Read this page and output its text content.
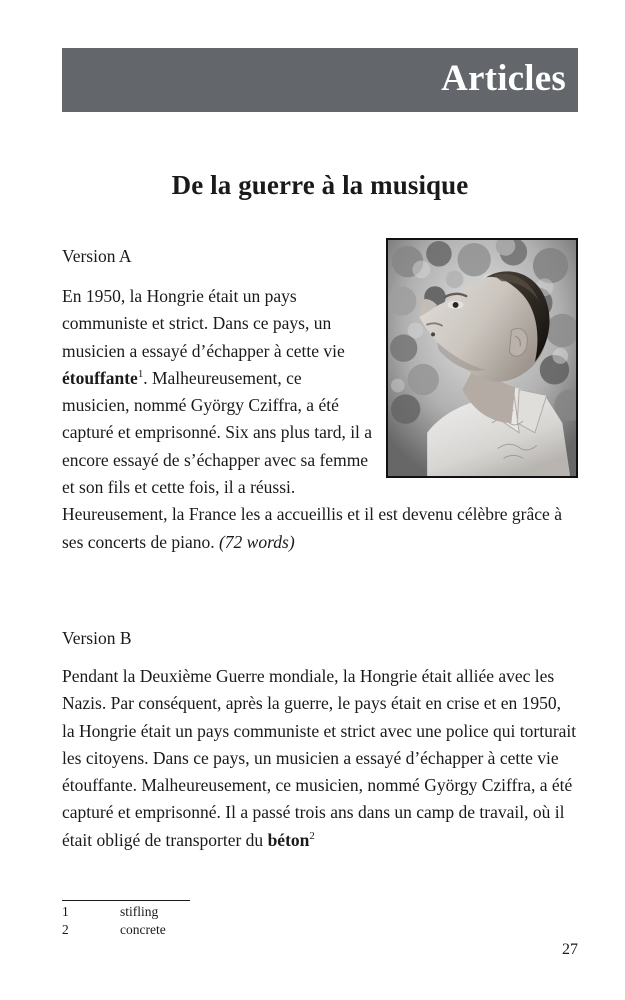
Articles
De la guerre à la musique
Version A
En 1950, la Hongrie était un pays communiste et strict. Dans ce pays, un musicien a essayé d’échapper à cette vie étouffante$^1$. Malheureusement, ce musicien, nommé György Cziffra, a été capturé et emprisonné. Six ans plus tard, il a encore essayé de s’échapper avec sa femme et son fils et cette fois, il a réussi. Heureusement, la France les a accueillis et il est devenu célèbre grâce à ses concerts de piano. (72 words)
Version B
Pendant la Deuxième Guerre mondiale, la Hongrie était alliée avec les Nazis. Par conséquent, après la guerre, le pays était en crise et en 1950, la Hongrie était un pays communiste et strict avec une police qui torturait les citoyens. Dans ce pays, un musicien a essayé d’échapper à cette vie étouffante. Malheureusement, ce musicien, nommé György Cziffra, a été capturé et emprisonné. Il a passé trois ans dans un camp de travail, où il était obligé de transporter du béton$^2$
1	stifling
2	concrete
27
